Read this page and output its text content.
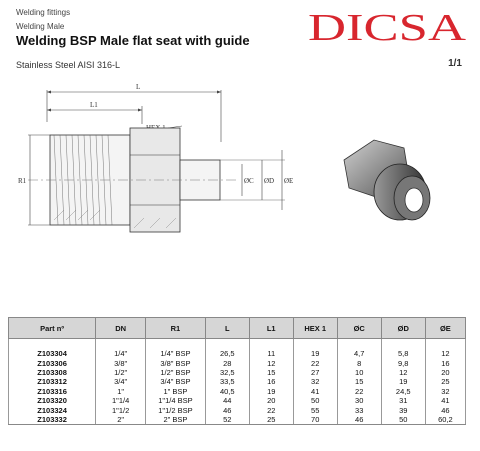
Welding fittings
Welding Male
Welding BSP Male flat seat with guide
Stainless Steel AISI 316-L	1/1
DICSA
L
L1
R1	ØC ØD ØE
Part nº	DN	R1	L	L1	HEX 1	ØC	ØD	ØE
Z103304	1/4"	1/4" BSP	26,5	11	19	4,7	5,8	12
Z103306	3/8"	3/8" BSP	28	12	22	8	9,8	16
Z103308	1/2"	1/2" BSP	32,5	15	27	10	12	20
Z103312	3/4"	3/4" BSP	33,5	16	32	15	19	25
Z103316	1"	1" BSP	40,5	19	41	22	24,5	32
Z103320	1"1/4	1"1/4 BSP	44	20	50	30	31	41
Z103324	1"1/2	1"1/2 BSP	46	22	55	33	39	46
Z103332	2"	2" BSP	52	25	70	46	50	60,2
